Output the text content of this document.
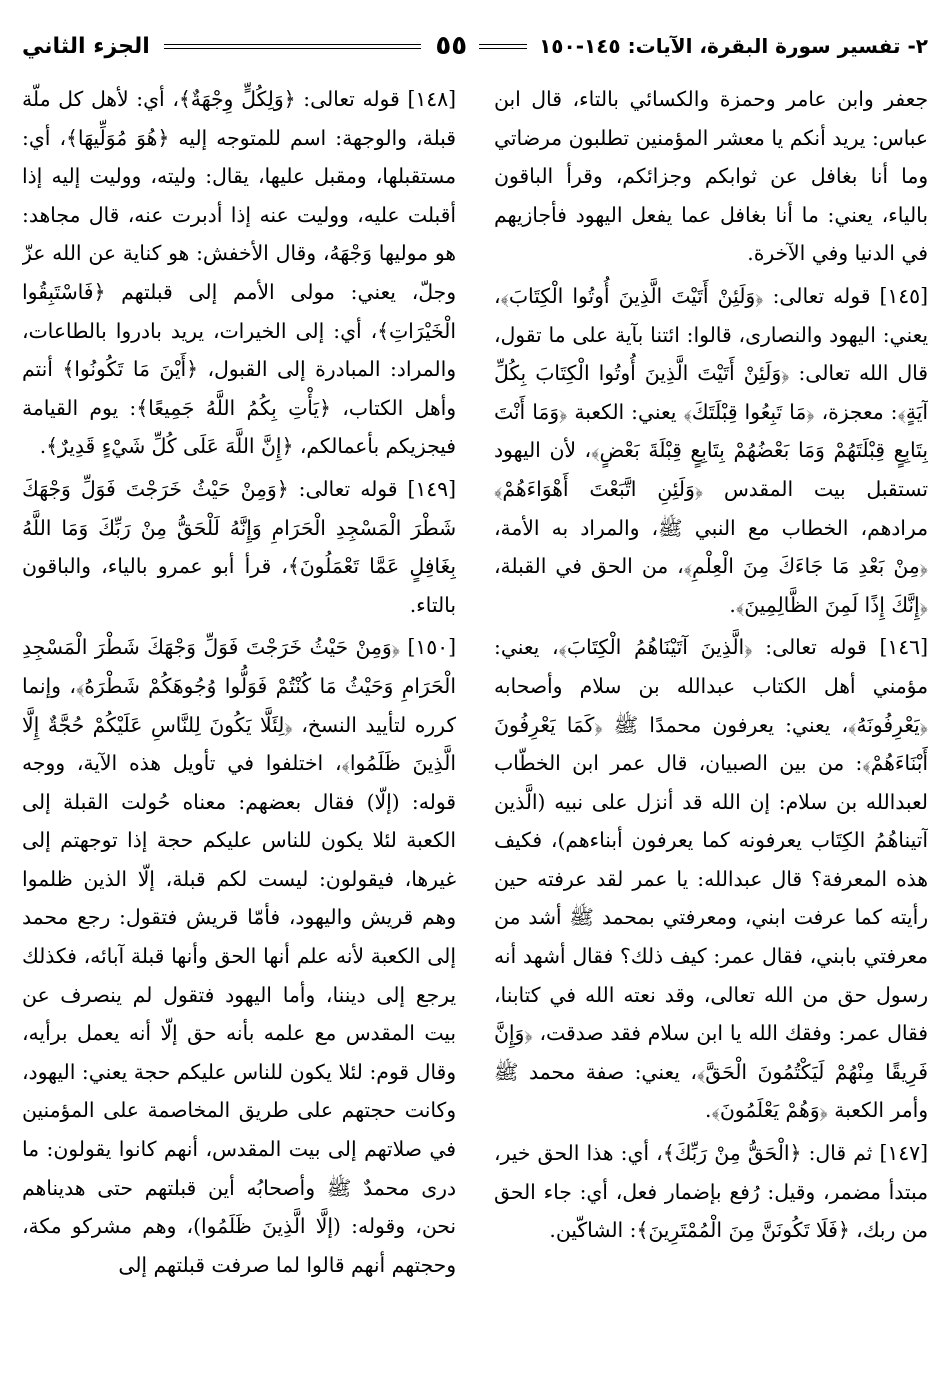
الجزء الثاني	٥٥	٢- تفسير سورة البقرة، الآيات: ١٤٥-١٥٠

جعفر وابن عامر وحمزة والكسائي بالتاء، قال ابن عباس: يريد أنكم يا معشر المؤمنين تطلبون مرضاتي وما أنا بغافل عن ثوابكم وجزائكم، وقرأ الباقون بالياء، يعني: ما أنا بغافل عما يفعل اليهود فأجازيهم في الدنيا وفي الآخرة.

[١٤٥] قوله تعالى: ﴿وَلَئِنْ أَتَيْتَ الَّذِينَ أُوتُوا الْكِتَابَ﴾، يعني: اليهود والنصارى، قالوا: ائتنا بآية على ما تقول، قال الله تعالى: ﴿وَلَئِنْ أَتَيْتَ الَّذِينَ أُوتُوا الْكِتَابَ بِكُلِّ آيَةٍ﴾: معجزة، ﴿مَا تَبِعُوا قِبْلَتَكَ﴾ يعني: الكعبة ﴿وَمَا أَنْتَ بِتَابِعٍ قِبْلَتَهُمْ وَمَا بَعْضُهُمْ بِتَابِعٍ قِبْلَةَ بَعْضٍ﴾، لأن اليهود تستقبل بيت المقدس ﴿وَلَئِنِ اتَّبَعْتَ أَهْوَاءَهُمْ﴾ مرادهم، الخطاب مع النبي ﷺ، والمراد به الأمة، ﴿مِنْ بَعْدِ مَا جَاءَكَ مِنَ الْعِلْمِ﴾، من الحق في القبلة، ﴿إِنَّكَ إِذًا لَمِنَ الظَّالِمِينَ﴾.

[١٤٦] قوله تعالى: ﴿الَّذِينَ آتَيْنَاهُمُ الْكِتَابَ﴾، يعني: مؤمني أهل الكتاب عبدالله بن سلام وأصحابه ﴿يَعْرِفُونَهُ﴾، يعني: يعرفون محمدًا ﷺ ﴿كَمَا يَعْرِفُونَ أَبْنَاءَهُمْ﴾: من بين الصبيان، قال عمر ابن الخطّاب لعبدالله بن سلام: إن الله قد أنزل على نبيه (الَّذين آتيناهُمُ الكِتَاب يعرفونه كما يعرفون أبناءهم)، فكيف هذه المعرفة؟ قال عبدالله: يا عمر لقد عرفته حين رأيته كما عرفت ابني، ومعرفتي بمحمد ﷺ أشد من معرفتي بابني، فقال عمر: كيف ذلك؟ فقال أشهد أنه رسول حق من الله تعالى، وقد نعته الله في كتابنا، فقال عمر: وفقك الله يا ابن سلام فقد صدقت، ﴿وَإِنَّ فَرِيقًا مِنْهُمْ لَيَكْتُمُونَ الْحَقَّ﴾، يعني: صفة محمد ﷺ وأمر الكعبة ﴿وَهُمْ يَعْلَمُونَ﴾.

[١٤٧] ثم قال: ﴿الْحَقُّ مِنْ رَبِّكَ﴾، أي: هذا الحق خير، مبتدأ مضمر، وقيل: رُفع بإضمار فعل، أي: جاء الحق من ربك، ﴿فَلَا تَكُونَنَّ مِنَ الْمُمْتَرِينَ﴾: الشاكّين.

[١٤٨] قوله تعالى: ﴿وَلِكُلٍّ وِجْهَةٌ﴾، أي: لأهل كل ملّة قبلة، والوجهة: اسم للمتوجه إليه ﴿هُوَ مُوَلِّيهَا﴾، أي: مستقبلها، ومقبل عليها، يقال: وليته، ووليت إليه إذا أقبلت عليه، ووليت عنه إذا أدبرت عنه، قال مجاهد: هو موليها وَجْهَهُ، وقال الأخفش: هو كناية عن الله عزّ وجلّ، يعني: مولى الأمم إلى قبلتهم ﴿فَاسْتَبِقُوا الْخَيْرَاتِ﴾، أي: إلى الخيرات، يريد بادروا بالطاعات، والمراد: المبادرة إلى القبول، ﴿أَيْنَ مَا تَكُونُوا﴾ أنتم وأهل الكتاب، ﴿يَأْتِ بِكُمُ اللَّهُ جَمِيعًا﴾: يوم القيامة فيجزيكم بأعمالكم، ﴿إِنَّ اللَّهَ عَلَى كُلِّ شَيْءٍ قَدِيرٌ﴾.

[١٤٩] قوله تعالى: ﴿وَمِنْ حَيْثُ خَرَجْتَ فَوَلِّ وَجْهَكَ شَطْرَ الْمَسْجِدِ الْحَرَامِ وَإِنَّهُ لَلْحَقُّ مِنْ رَبِّكَ وَمَا اللَّهُ بِغَافِلٍ عَمَّا تَعْمَلُونَ﴾، قرأ أبو عمرو بالياء، والباقون بالتاء.

[١٥٠] ﴿وَمِنْ حَيْثُ خَرَجْتَ فَوَلِّ وَجْهَكَ شَطْرَ الْمَسْجِدِ الْحَرَامِ وَحَيْثُ مَا كُنْتُمْ فَوَلُّوا وُجُوهَكُمْ شَطْرَهُ﴾، وإنما كرره لتأييد النسخ، ﴿لِئَلَّا يَكُونَ لِلنَّاسِ عَلَيْكُمْ حُجَّةٌ إِلَّا الَّذِينَ ظَلَمُوا﴾، اختلفوا في تأويل هذه الآية، ووجه قوله: (إلّا) فقال بعضهم: معناه حُولت القبلة إلى الكعبة لئلا يكون للناس عليكم حجة إذا توجهتم إلى غيرها، فيقولون: ليست لكم قبلة، إلّا الذين ظلموا وهم قريش واليهود، فأمّا قريش فتقول: رجع محمد إلى الكعبة لأنه علم أنها الحق وأنها قبلة آبائه، فكذلك يرجع إلى ديننا، وأما اليهود فتقول لم ينصرف عن بيت المقدس مع علمه بأنه حق إلّا أنه يعمل برأيه، وقال قوم: لئلا يكون للناس عليكم حجة يعني: اليهود، وكانت حجتهم على طريق المخاصمة على المؤمنين في صلاتهم إلى بيت المقدس، أنهم كانوا يقولون: ما درى محمدٌ ﷺ وأصحابُه أين قبلتهم حتى هديناهم نحن، وقوله: (إلَّا الَّذِينَ ظَلَمُوا)، وهم مشركو مكة، وحجتهم أنهم قالوا لما صرفت قبلتهم إلى
